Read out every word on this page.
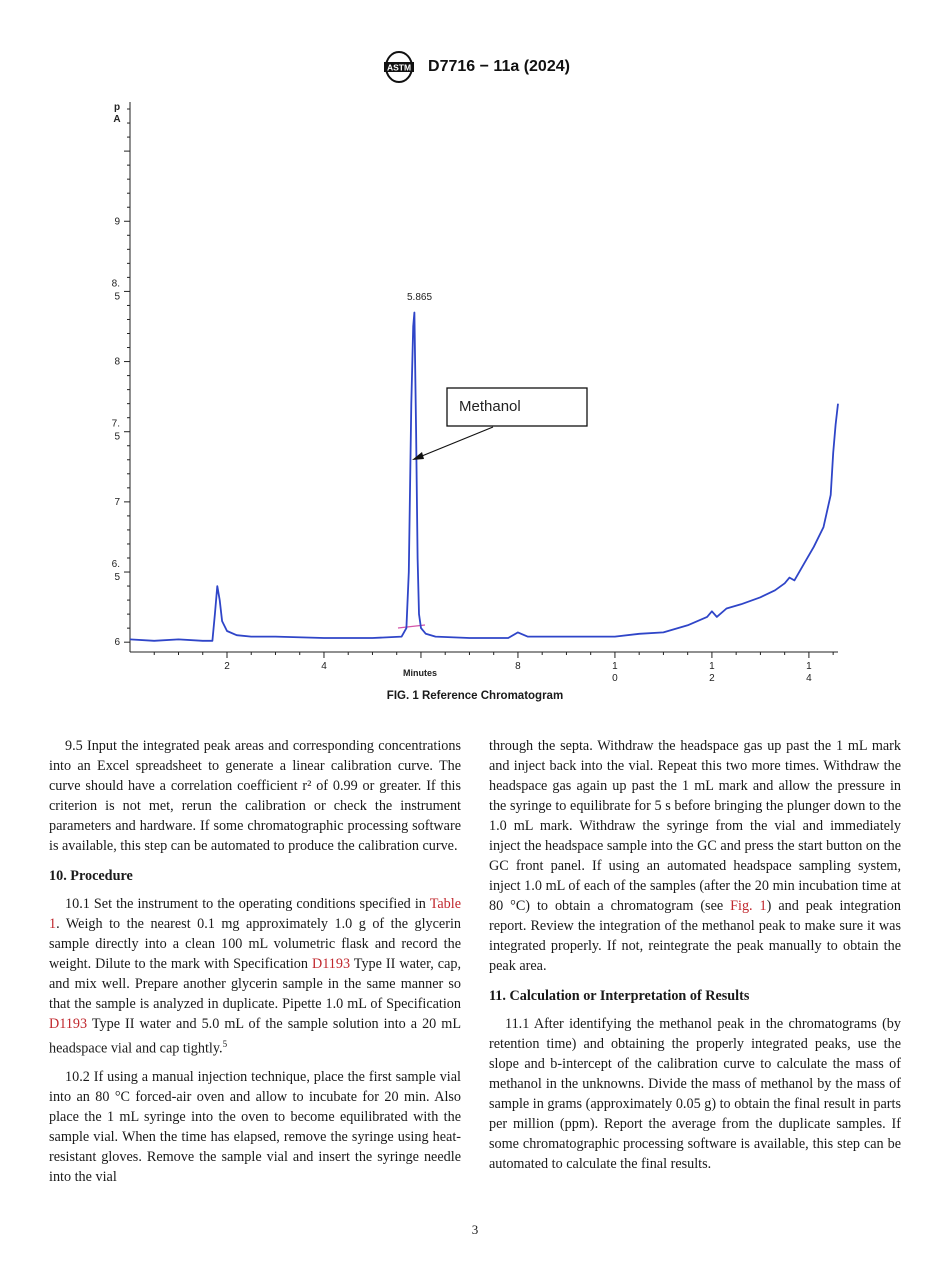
ASTM D7716 − 11a (2024)
6
6. 5
7
7. 5
8
8. 5
9
2	4	8	1 0
1 2
1 4
p
A
Minutes
5.865
Methanol
FIG. 1 Reference Chromatogram

9.5 Input the integrated peak areas and corresponding concentrations into an Excel spreadsheet to generate a linear calibration curve. The curve should have a correlation coefficient r² of 0.99 or greater. If this criterion is not met, rerun the calibration or check the instrument parameters and hardware. If some chromatographic processing software is available, this step can be automated to produce the calibration curve.

10. Procedure

10.1 Set the instrument to the operating conditions specified in Table 1. Weigh to the nearest 0.1 mg approximately 1.0 g of the glycerin sample directly into a clean 100 mL volumetric flask and record the weight. Dilute to the mark with Specification D1193 Type II water, cap, and mix well. Prepare another glycerin sample in the same manner so that the sample is analyzed in duplicate. Pipette 1.0 mL of Specification D1193 Type II water and 5.0 mL of the sample solution into a 20 mL headspace vial and cap tightly.$^5$

10.2 If using a manual injection technique, place the first sample vial into an 80 °C forced-air oven and allow to incubate for 20 min. Also place the 1 mL syringe into the oven to become equilibrated with the sample vial. When the time has elapsed, remove the syringe using heat-resistant gloves. Remove the sample vial and insert the syringe needle into the vial

through the septa. Withdraw the headspace gas up past the 1 mL mark and inject back into the vial. Repeat this two more times. Withdraw the headspace gas again up past the 1 mL mark and allow the pressure in the syringe to equilibrate for 5 s before bringing the plunger down to the 1.0 mL mark. Withdraw the syringe from the vial and immediately inject the headspace sample into the GC and press the start button on the GC front panel. If using an automated headspace sampling system, inject 1.0 mL of each of the samples (after the 20 min incubation time at 80 °C) to obtain a chromatogram (see Fig. 1) and peak integration report. Review the integration of the methanol peak to make sure it was integrated properly. If not, reintegrate the peak manually to obtain the peak area.

11. Calculation or Interpretation of Results

11.1 After identifying the methanol peak in the chromatograms (by retention time) and obtaining the properly integrated peaks, use the slope and b-intercept of the calibration curve to calculate the mass of methanol in the unknowns. Divide the mass of methanol by the mass of sample in grams (approximately 0.05 g) to obtain the final result in parts per million (ppm). Report the average from the duplicate samples. If some chromatographic processing software is available, this step can be automated to calculate the final results.

3
